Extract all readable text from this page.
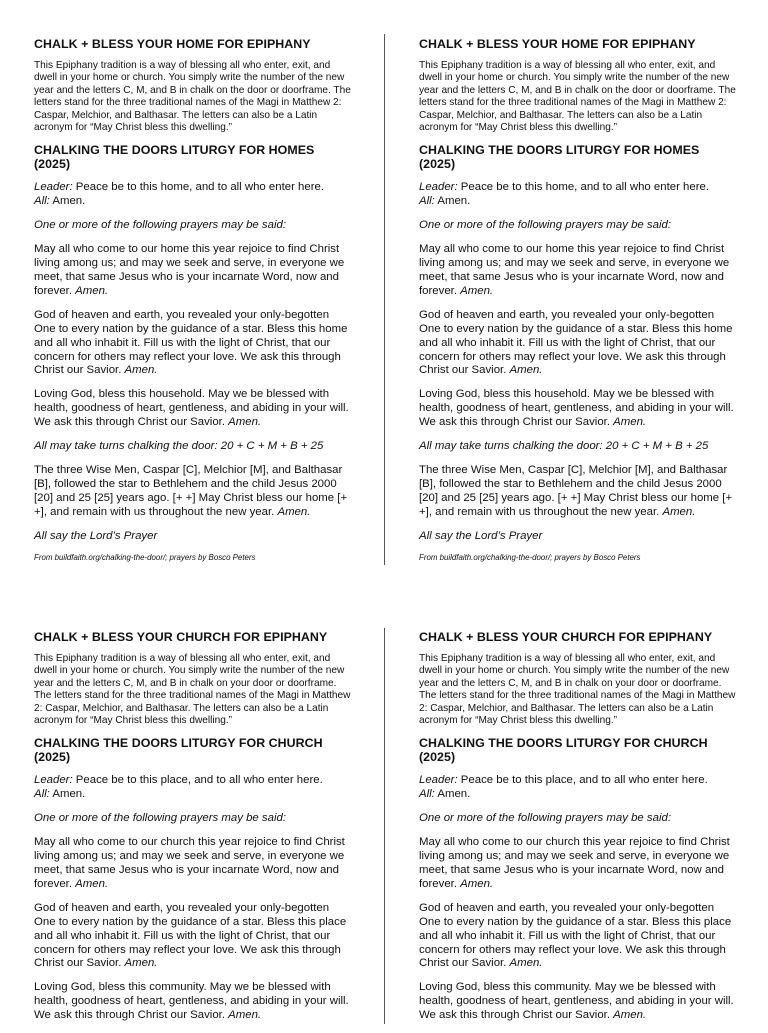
CHALK + BLESS YOUR HOME FOR EPIPHANY
This Epiphany tradition is a way of blessing all who enter, exit, and dwell in your home or church. You simply write the number of the new year and the letters C, M, and B in chalk on the door or doorframe. The letters stand for the three traditional names of the Magi in Matthew 2: Caspar, Melchior, and Balthasar. The letters can also be a Latin acronym for “May Christ bless this dwelling.”
CHALKING THE DOORS LITURGY FOR HOMES (2025)

Leader: Peace be to this home, and to all who enter here.
All: Amen.

One or more of the following prayers may be said:

May all who come to our home this year rejoice to find Christ living among us; and may we seek and serve, in everyone we meet, that same Jesus who is your incarnate Word, now and forever. Amen.

God of heaven and earth, you revealed your only-begotten One to every nation by the guidance of a star. Bless this home and all who inhabit it. Fill us with the light of Christ, that our concern for others may reflect your love. We ask this through Christ our Savior. Amen.

Loving God, bless this household. May we be blessed with health, goodness of heart, gentleness, and abiding in your will. We ask this through Christ our Savior. Amen.

All may take turns chalking the door: 20 + C + M + B + 25

The three Wise Men, Caspar [C], Melchior [M], and Balthasar [B], followed the star to Bethlehem and the child Jesus 2000 [20] and 25 [25] years ago. [+ +] May Christ bless our home [+ +], and remain with us throughout the new year. Amen.

All say the Lord’s Prayer

From buildfaith.org/chalking-the-door/; prayers by Bosco Peters

CHALK + BLESS YOUR HOME FOR EPIPHANY
This Epiphany tradition is a way of blessing all who enter, exit, and dwell in your home or church. You simply write the number of the new year and the letters C, M, and B in chalk on the door or doorframe. The letters stand for the three traditional names of the Magi in Matthew 2: Caspar, Melchior, and Balthasar. The letters can also be a Latin acronym for “May Christ bless this dwelling.”
CHALKING THE DOORS LITURGY FOR HOMES (2025)

Leader: Peace be to this home, and to all who enter here.
All: Amen.

One or more of the following prayers may be said:

May all who come to our home this year rejoice to find Christ living among us; and may we seek and serve, in everyone we meet, that same Jesus who is your incarnate Word, now and forever. Amen.

God of heaven and earth, you revealed your only-begotten One to every nation by the guidance of a star. Bless this home and all who inhabit it. Fill us with the light of Christ, that our concern for others may reflect your love. We ask this through Christ our Savior. Amen.

Loving God, bless this household. May we be blessed with health, goodness of heart, gentleness, and abiding in your will. We ask this through Christ our Savior. Amen.

All may take turns chalking the door: 20 + C + M + B + 25

The three Wise Men, Caspar [C], Melchior [M], and Balthasar [B], followed the star to Bethlehem and the child Jesus 2000 [20] and 25 [25] years ago. [+ +] May Christ bless our home [+ +], and remain with us throughout the new year. Amen.

All say the Lord’s Prayer

From buildfaith.org/chalking-the-door/; prayers by Bosco Peters

CHALK + BLESS YOUR CHURCH FOR EPIPHANY
This Epiphany tradition is a way of blessing all who enter, exit, and dwell in your home or church. You simply write the number of the new year and the letters C, M, and B in chalk on your door or doorframe. The letters stand for the three traditional names of the Magi in Matthew 2: Caspar, Melchior, and Balthasar. The letters can also be a Latin acronym for “May Christ bless this dwelling.”
CHALKING THE DOORS LITURGY FOR CHURCH (2025)

Leader: Peace be to this place, and to all who enter here.
All: Amen.

One or more of the following prayers may be said:

May all who come to our church this year rejoice to find Christ living among us; and may we seek and serve, in everyone we meet, that same Jesus who is your incarnate Word, now and forever. Amen.

God of heaven and earth, you revealed your only-begotten One to every nation by the guidance of a star. Bless this place and all who inhabit it. Fill us with the light of Christ, that our concern for others may reflect your love. We ask this through Christ our Savior. Amen.

Loving God, bless this community. May we be blessed with health, goodness of heart, gentleness, and abiding in your will. We ask this through Christ our Savior. Amen.

CHALK + BLESS YOUR CHURCH FOR EPIPHANY
This Epiphany tradition is a way of blessing all who enter, exit, and dwell in your home or church. You simply write the number of the new year and the letters C, M, and B in chalk on your door or doorframe. The letters stand for the three traditional names of the Magi in Matthew 2: Caspar, Melchior, and Balthasar. The letters can also be a Latin acronym for “May Christ bless this dwelling.”
CHALKING THE DOORS LITURGY FOR CHURCH (2025)

Leader: Peace be to this place, and to all who enter here.
All: Amen.

One or more of the following prayers may be said:

May all who come to our church this year rejoice to find Christ living among us; and may we seek and serve, in everyone we meet, that same Jesus who is your incarnate Word, now and forever. Amen.

God of heaven and earth, you revealed your only-begotten One to every nation by the guidance of a star. Bless this place and all who inhabit it. Fill us with the light of Christ, that our concern for others may reflect your love. We ask this through Christ our Savior. Amen.

Loving God, bless this community. May we be blessed with health, goodness of heart, gentleness, and abiding in your will. We ask this through Christ our Savior. Amen.
